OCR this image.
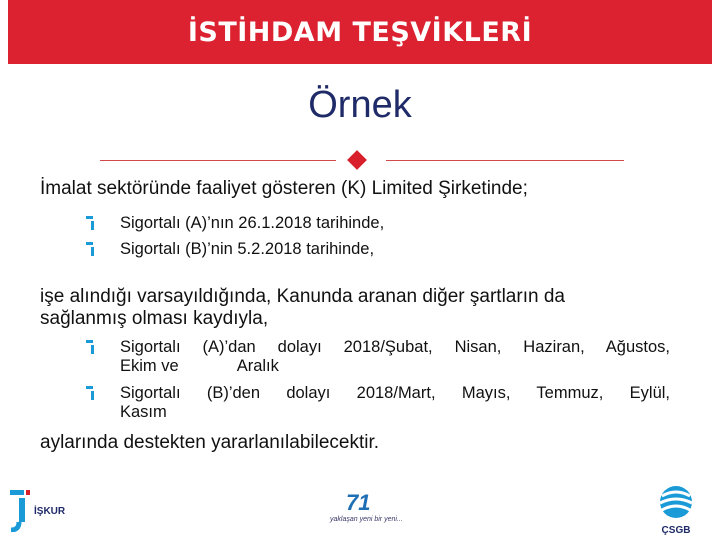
İSTİHDAM TEŞVİKLERİ
Örnek
İmalat sektöründe faaliyet gösteren (K) Limited Şirketinde;
Sigortalı (A)’nın 26.1.2018 tarihinde,
Sigortalı (B)’nin 5.2.2018 tarihinde,
işe alındığı varsayıldığında, Kanunda aranan diğer şartların da
sağlanmış olması kaydıyla,
Sigortalı (A)’dan dolayı 2018/Şubat, Nisan, Haziran, Ağustos,
Ekim ve	Aralık
Sigortalı (B)’den dolayı 2018/Mart, Mayıs, Temmuz, Eylül,
Kasım
aylarında destekten yararlanılabilecektir.
İŞKUR	71
yaklaşan yeni bir yeni...
ÇSGB
